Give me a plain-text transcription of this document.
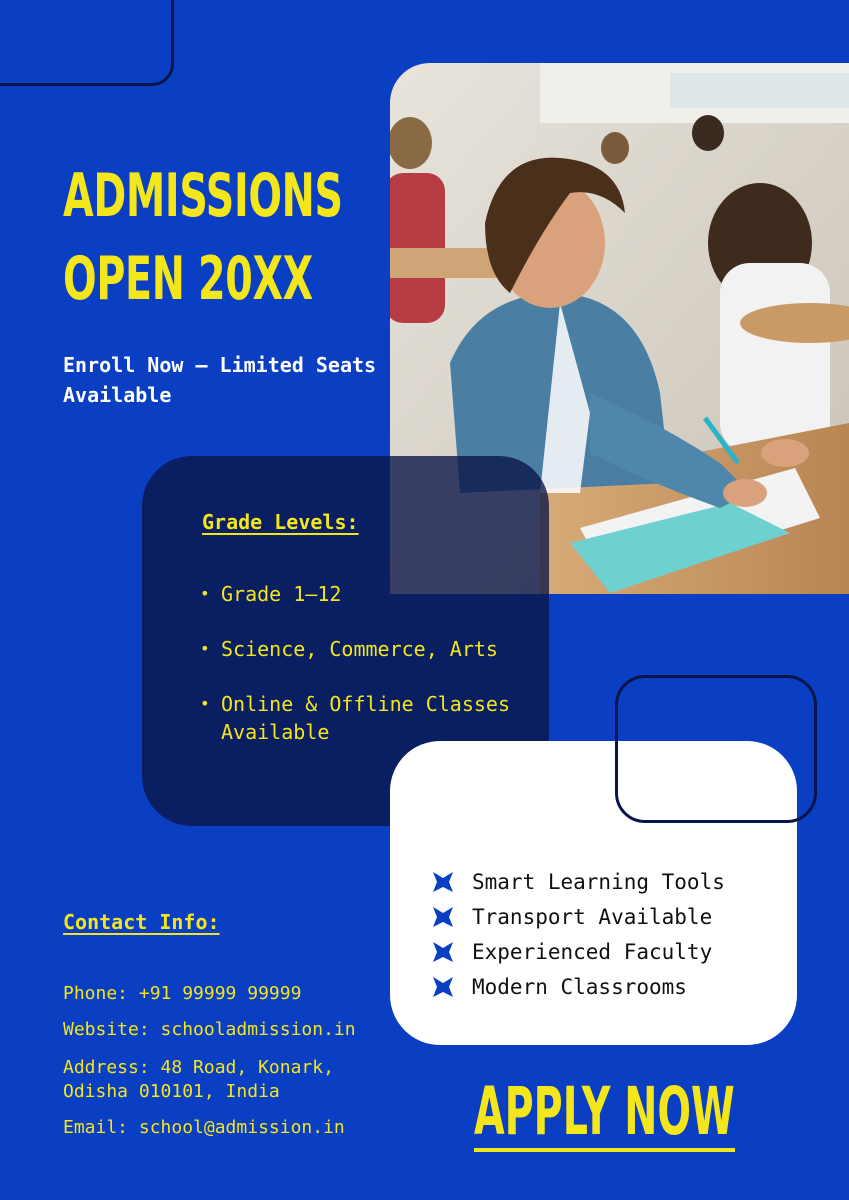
ADMISSIONS
OPEN 20XX
Enroll Now – Limited Seats Available
Grade Levels:
• Grade 1–12
• Science, Commerce, Arts
• Online & Offline Classes Available
Smart Learning Tools
Transport Available
Experienced Faculty
Modern Classrooms
Contact Info:
Phone: +91 99999 99999
Website: schooladmission.in
Address: 48 Road, Konark, Odisha 010101, India
Email: school@admission.in	APPLY NOW
